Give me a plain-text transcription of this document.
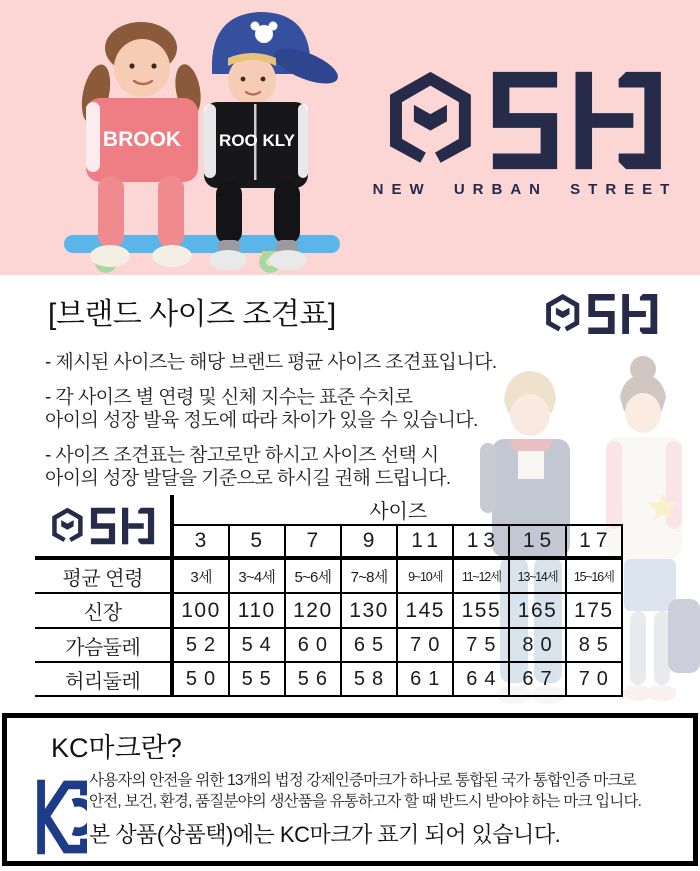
BROOK ROO KLY
NEW URBAN STREET
[브랜드 사이즈 조견표]

- 제시된 사이즈는 해당 브랜드 평균 사이즈 조견표입니다.

- 각 사이즈 별 연령 및 신체 지수는 표준 수치로
아이의 성장 발육 정도에 따라 차이가 있을 수 있습니다.

- 사이즈 조견표는 참고로만 하시고 사이즈 선택 시
아이의 성장 발달을 기준으로 하시길 권해 드립니다.

	사이즈							
	3	5	7	9	11	13	15	17
평균 연령	3세	3~4세	5~6세	7~8세	9~10세	11~12세	13~14세	15~16세
신장	100	110	120	130	145	155	165	175
가슴둘레	52	54	60	65	70	75	80	85
허리둘레	50	55	56	58	61	64	67	70
KC마크란?
사용자의 안전을 위한 13개의 법정 강제인증마크가 하나로 통합된 국가 통합인증 마크로
안전, 보건, 환경, 품질분야의 생산품을 유통하고자 할 때 반드시 받아야 하는 마크 입니다.
본 상품(상품택)에는 KC마크가 표기 되어 있습니다.
